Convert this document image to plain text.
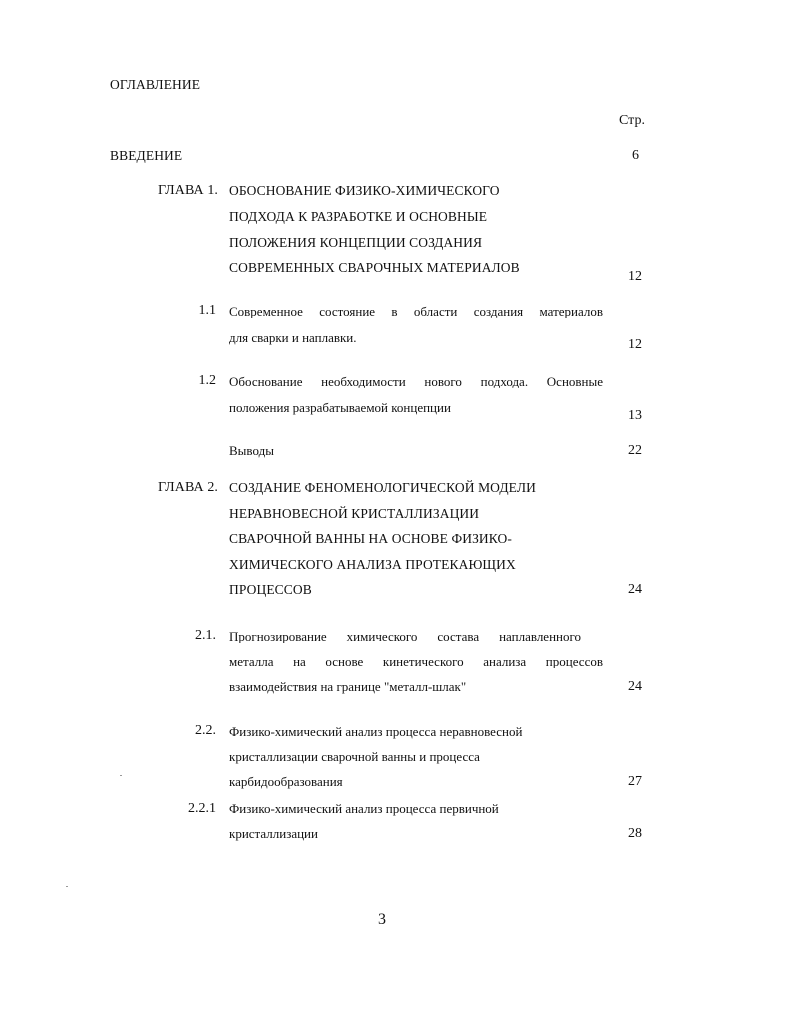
ОГЛАВЛЕНИЕ
Стр.
ВВЕДЕНИЕ	6
ГЛАВА 1. ОБОСНОВАНИЕ ФИЗИКО-ХИМИЧЕСКОГО
ПОДХОДА К РАЗРАБОТКЕ И ОСНОВНЫЕ
ПОЛОЖЕНИЯ КОНЦЕПЦИИ СОЗДАНИЯ
СОВРЕМЕННЫХ СВАРОЧНЫХ МАТЕРИАЛОВ
12
1.1 Современное состояние в области создания материалов
для сварки и наплавки.	12
1.2 Обоснование необходимости нового подхода. Основные
положения разрабатываемой концепции
13
Выводы	22
ГЛАВА 2. СОЗДАНИЕ ФЕНОМЕНОЛОГИЧЕСКОЙ МОДЕЛИ
НЕРАВНОВЕСНОЙ КРИСТАЛЛИЗАЦИИ
СВАРОЧНОЙ ВАННЫ НА ОСНОВЕ ФИЗИКО-
ХИМИЧЕСКОГО АНАЛИЗА ПРОТЕКАЮЩИХ
ПРОЦЕССОВ	24
2.1. Прогнозирование химического состава наплавленного
металла на основе кинетического анализа процессов
взаимодействия на границе "металл-шлак"	24
2.2. Физико-химический анализ процесса неравновесной
кристаллизации сварочной ванны и процесса
карбидообразования	27
2.2.1 Физико-химический анализ процесса первичной
кристаллизации	28
3
